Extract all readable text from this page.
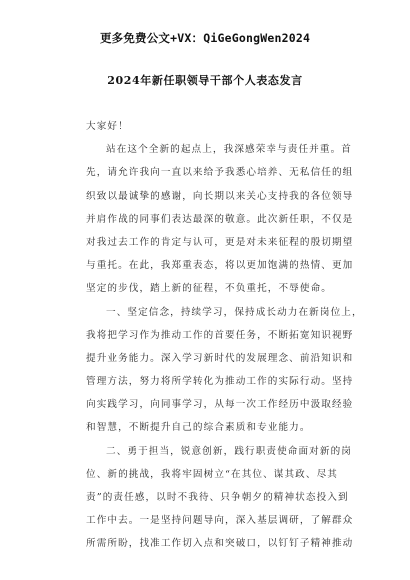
更多免费公文+VX：QiGeGongWen2024
2024年新任职领导干部个人表态发言
大家好！
站在这个全新的起点上，我深感荣幸与责任并重。首
先，请允许我向一直以来给予我悉心培养、无私信任的组
织致以最诚挚的感谢，向长期以来关心支持我的各位领导
并肩作战的同事们表达最深的敬意。此次新任职，不仅是
对我过去工作的肯定与认可，更是对未来征程的殷切期望
与重托。在此，我郑重表态，将以更加饱满的热情、更加
坚定的步伐，踏上新的征程，不负重托，不辱使命。
一、坚定信念，持续学习，保持成长动力在新岗位上，
我将把学习作为推动工作的首要任务，不断拓宽知识视野
提升业务能力。深入学习新时代的发展理念、前沿知识和
管理方法，努力将所学转化为推动工作的实际行动。坚持
向实践学习，向同事学习，从每一次工作经历中汲取经验
和智慧，不断提升自己的综合素质和专业能力。
二、勇于担当，锐意创新，践行职责使命面对新的岗
位、新的挑战，我将牢固树立“在其位、谋其政、尽其
责”的责任感，以时不我待、只争朝夕的精神状态投入到
工作中去。一是坚持问题导向，深入基层调研，了解群众
所需所盼，找准工作切入点和突破口，以钉钉子精神推动
